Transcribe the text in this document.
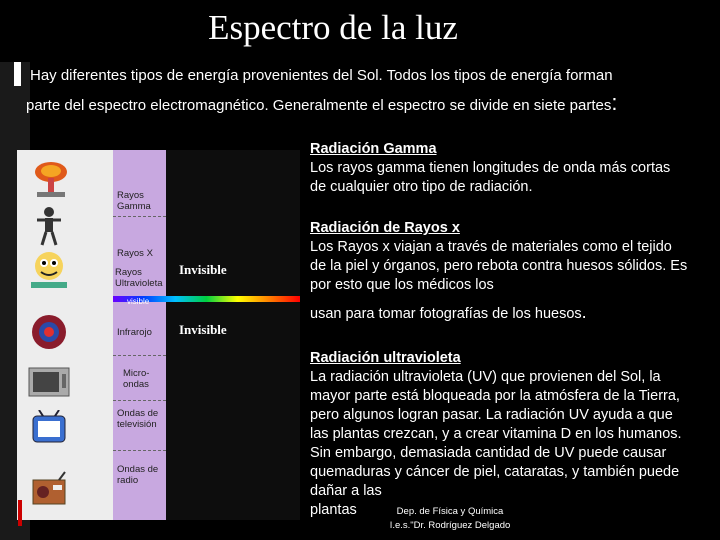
Espectro de la luz
Hay diferentes tipos de energía provenientes del Sol. Todos los tipos de energía forman
parte del espectro electromagnético. Generalmente el espectro se divide en siete partes:
Invisible
Invisible
Rayos Gamma
Rayos X
Rayos Ultravioleta
visible
Infrarojo
Micro-ondas
Ondas de televisión
Ondas de radio
Radiación Gamma
Los rayos gamma tienen longitudes de onda más cortas de cualquier otro tipo de radiación.
Radiación de Rayos x
Los Rayos x viajan a través de materiales como el tejido de la piel y órganos, pero rebota contra huesos sólidos. Es por esto que los médicos los
usan para tomar fotografías de los huesos.
Radiación ultravioleta
La radiación ultravioleta (UV) que provienen del Sol, la mayor parte está bloqueada por la atmósfera de la Tierra, pero algunos logran pasar. La radiación UV ayuda a que las plantas crezcan, y a crear vitamina D en los humanos. Sin embargo, demasiada cantidad de UV puede causar quemaduras y cáncer de piel, cataratas, y también puede dañar a las
plantas	Dep. de Física y Química
I.e.s."Dr. Rodríguez Delgado
